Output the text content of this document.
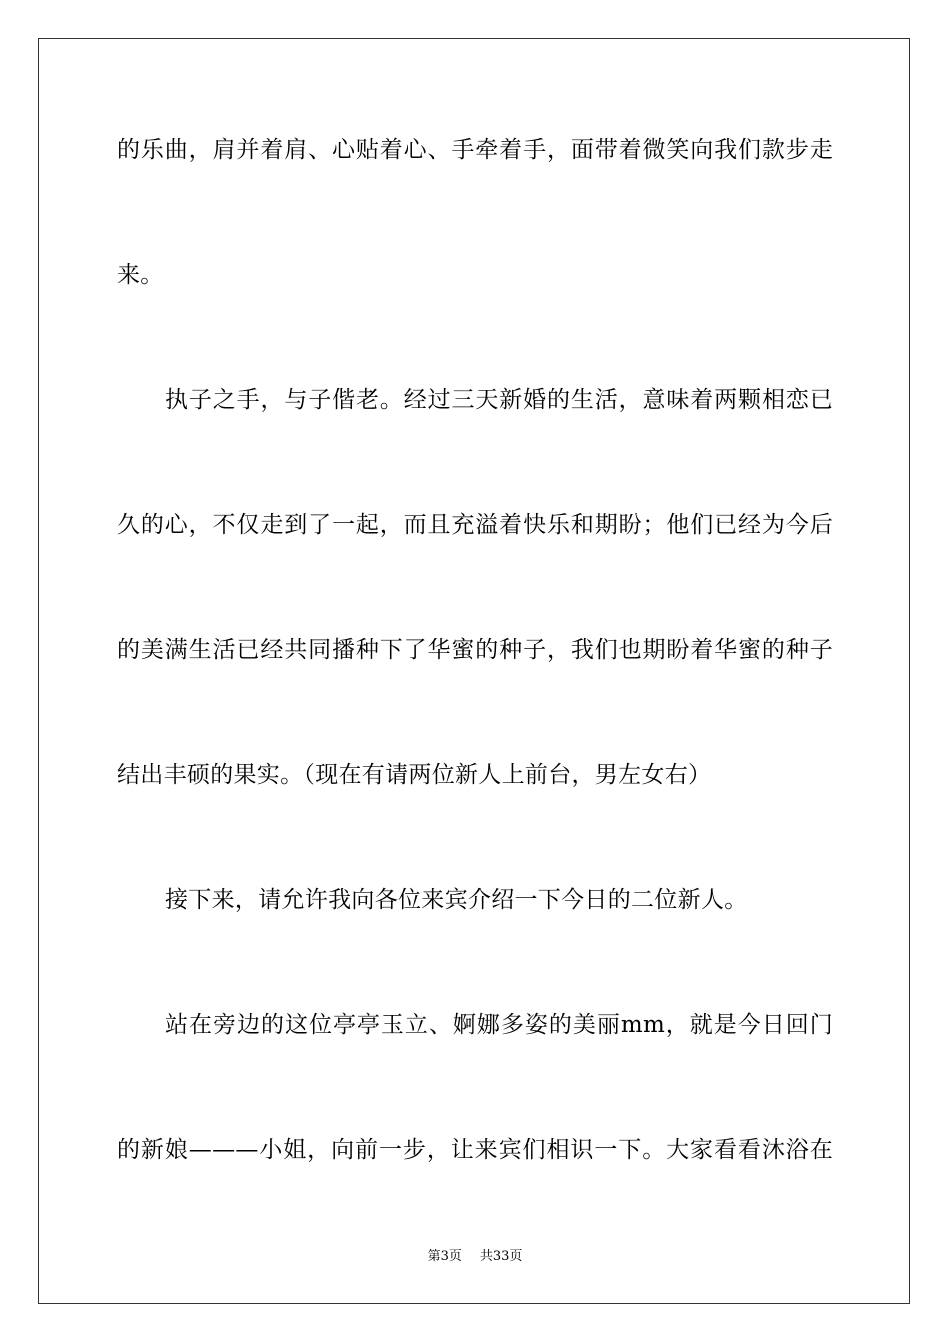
的乐曲，肩并着肩、心贴着心、手牵着手，面带着微笑向我们款步走
来。
执子之手，与子偕老。经过三天新婚的生活，意味着两颗相恋已
久的心，不仅走到了一起，而且充溢着快乐和期盼；他们已经为今后
的美满生活已经共同播种下了华蜜的种子，我们也期盼着华蜜的种子
结出丰硕的果实。（现在有请两位新人上前台，男左女右）
接下来，请允许我向各位来宾介绍一下今日的二位新人。
站在旁边的这位亭亭玉立、婀娜多姿的美丽mm，就是今日回门
的新娘———小姐，向前一步，让来宾们相识一下。大家看看沐浴在
第3页 共33页
